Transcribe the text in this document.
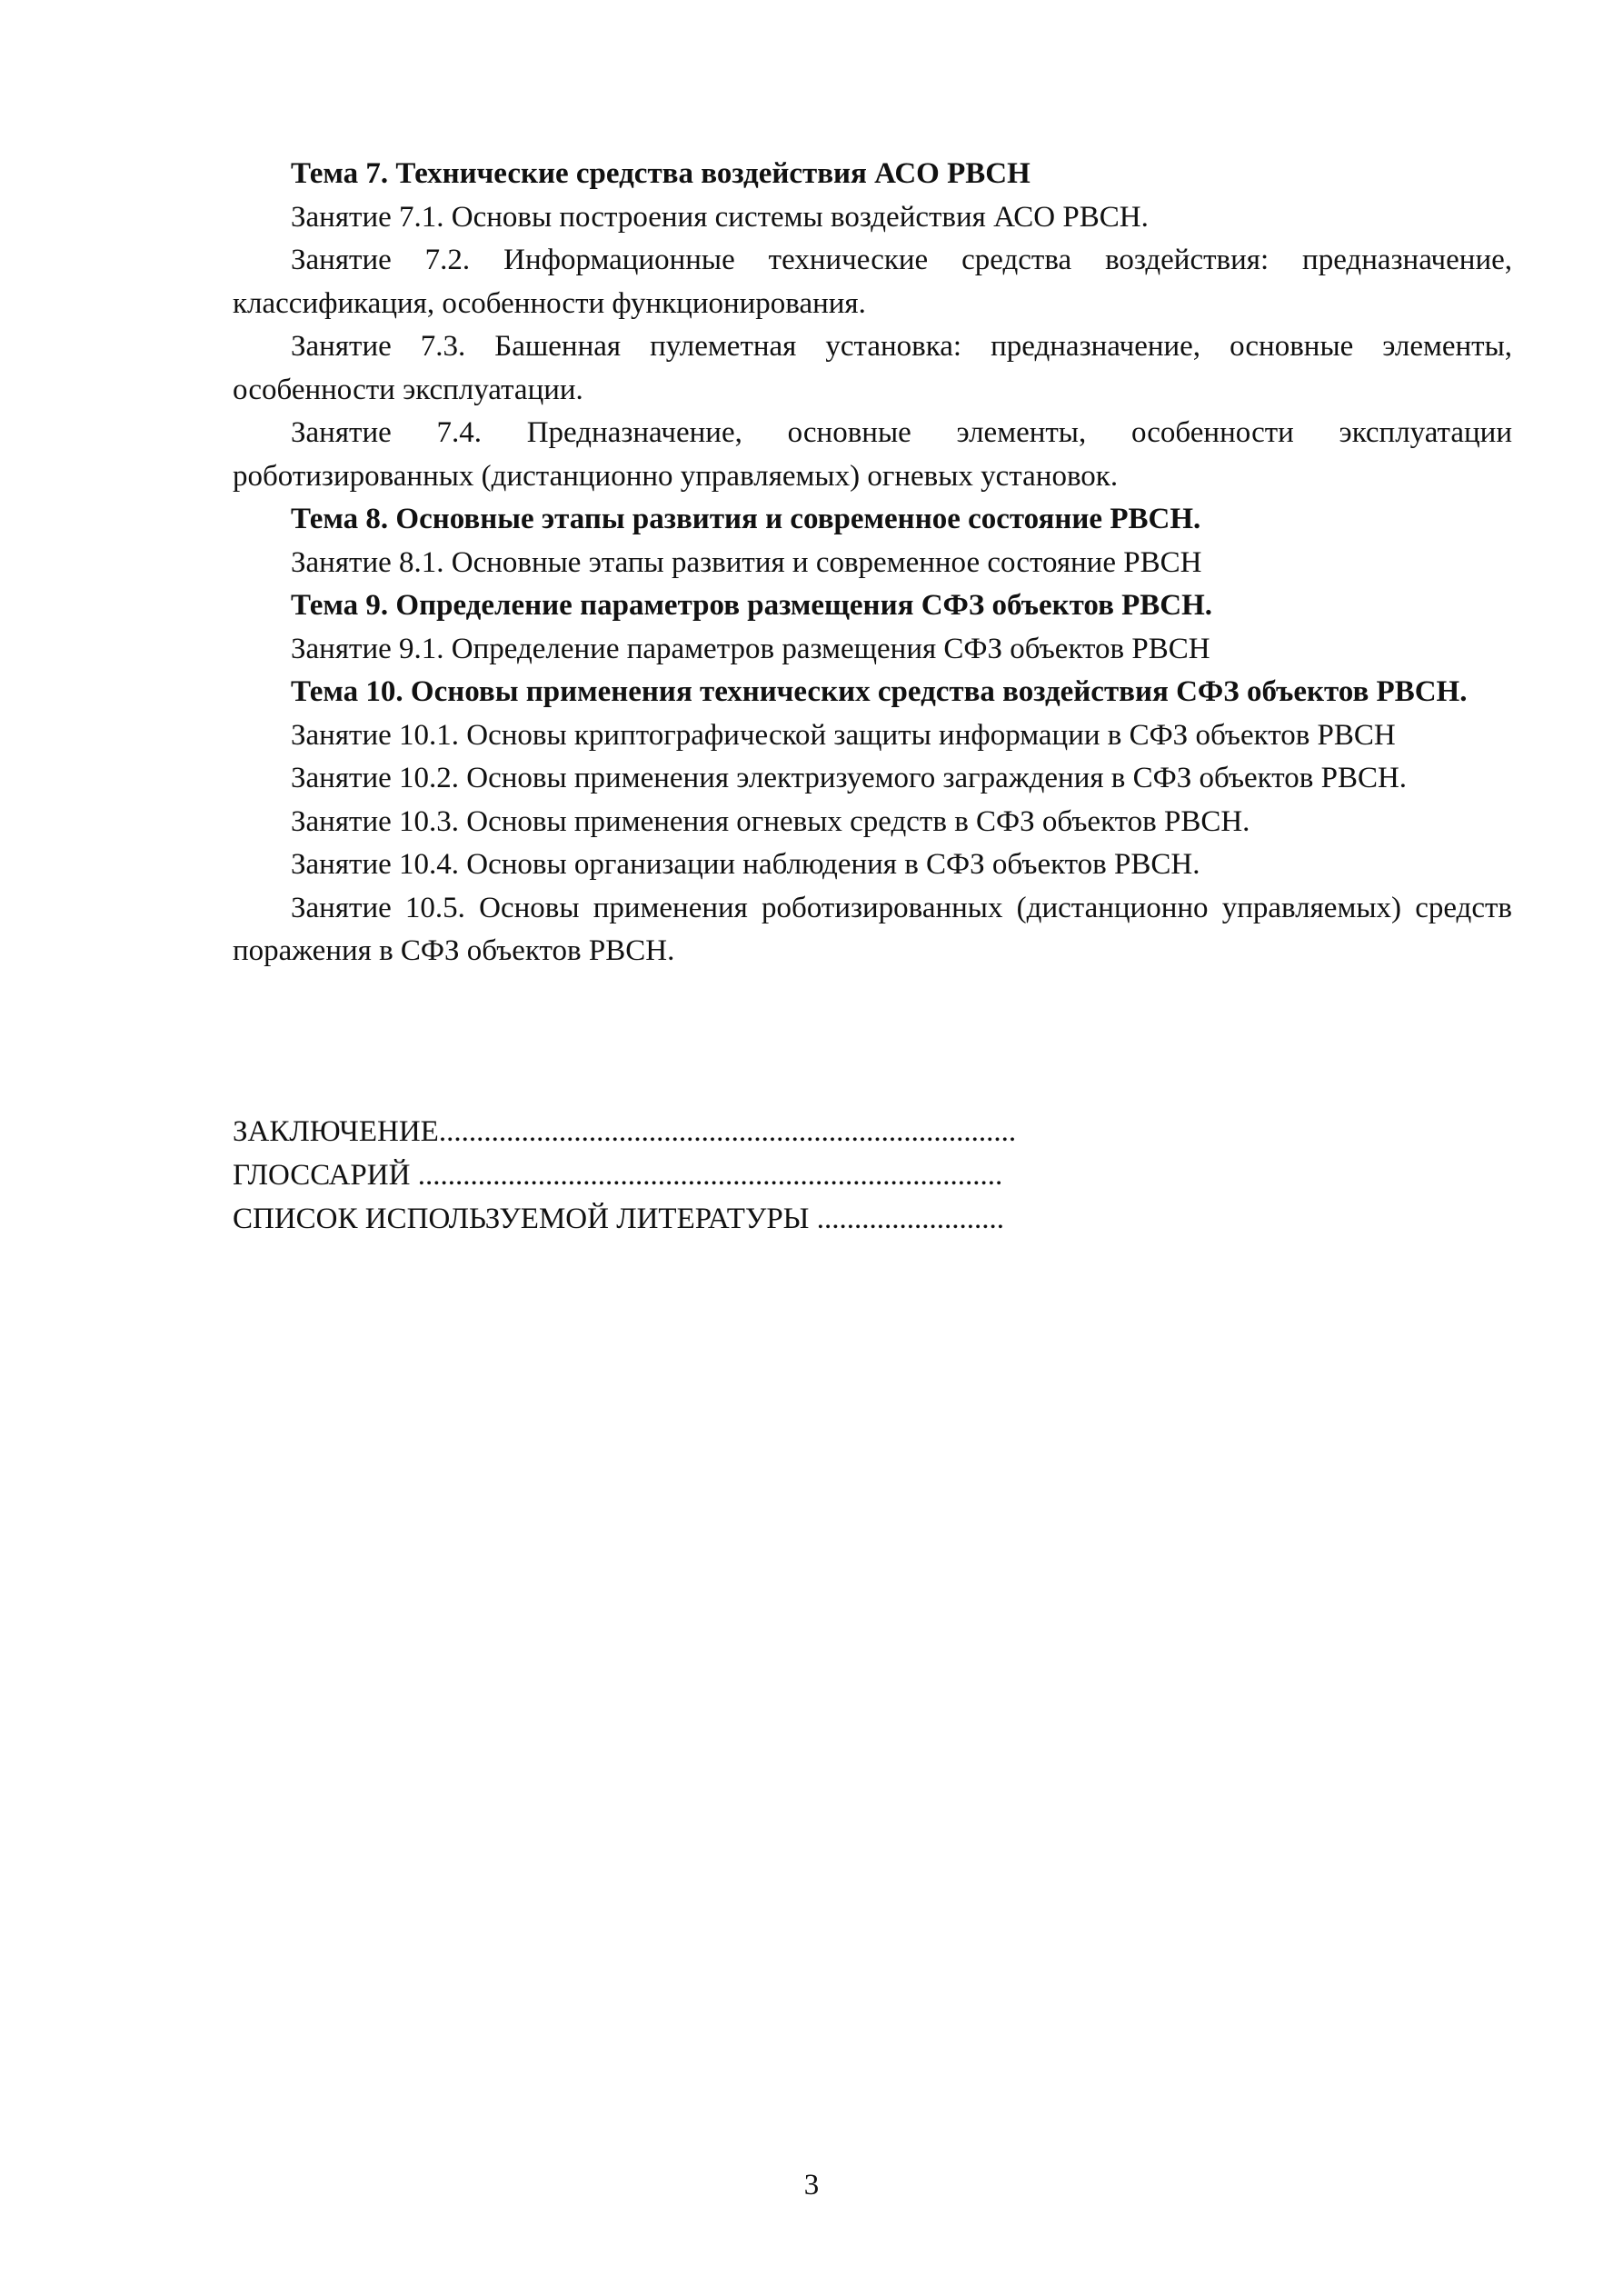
Тема 7. Технические средства воздействия АСО РВСН

Занятие 7.1. Основы построения системы воздействия АСО РВСН.

Занятие 7.2. Информационные технические средства воздействия: предназначение, классификация, особенности функционирования.

Занятие 7.3. Башенная пулеметная установка: предназначение, основные элементы, особенности эксплуатации.

Занятие 7.4. Предназначение, основные элементы, особенности эксплуатации роботизированных (дистанционно управляемых) огневых установок.

Тема 8. Основные этапы развития и современное состояние РВСН.

Занятие 8.1. Основные этапы развития и современное состояние РВСН

Тема 9. Определение параметров размещения СФЗ объектов РВСН.

Занятие 9.1. Определение параметров размещения СФЗ объектов РВСН

Тема 10. Основы применения технических средства воздействия СФЗ объектов РВСН.

Занятие 10.1. Основы криптографической защиты информации в СФЗ объектов РВСН

Занятие 10.2. Основы применения электризуемого заграждения в СФЗ объектов РВСН.

Занятие 10.3. Основы применения огневых средств в СФЗ объектов РВСН.

Занятие 10.4. Основы организации наблюдения в СФЗ объектов РВСН.

Занятие 10.5. Основы применения роботизированных (дистанционно управляемых) средств поражения в СФЗ объектов РВСН.

ЗАКЛЮЧЕНИЕ.............................................................................

ГЛОССАРИЙ ..............................................................................

СПИСОК ИСПОЛЬЗУЕМОЙ ЛИТЕРАТУРЫ .........................

3
